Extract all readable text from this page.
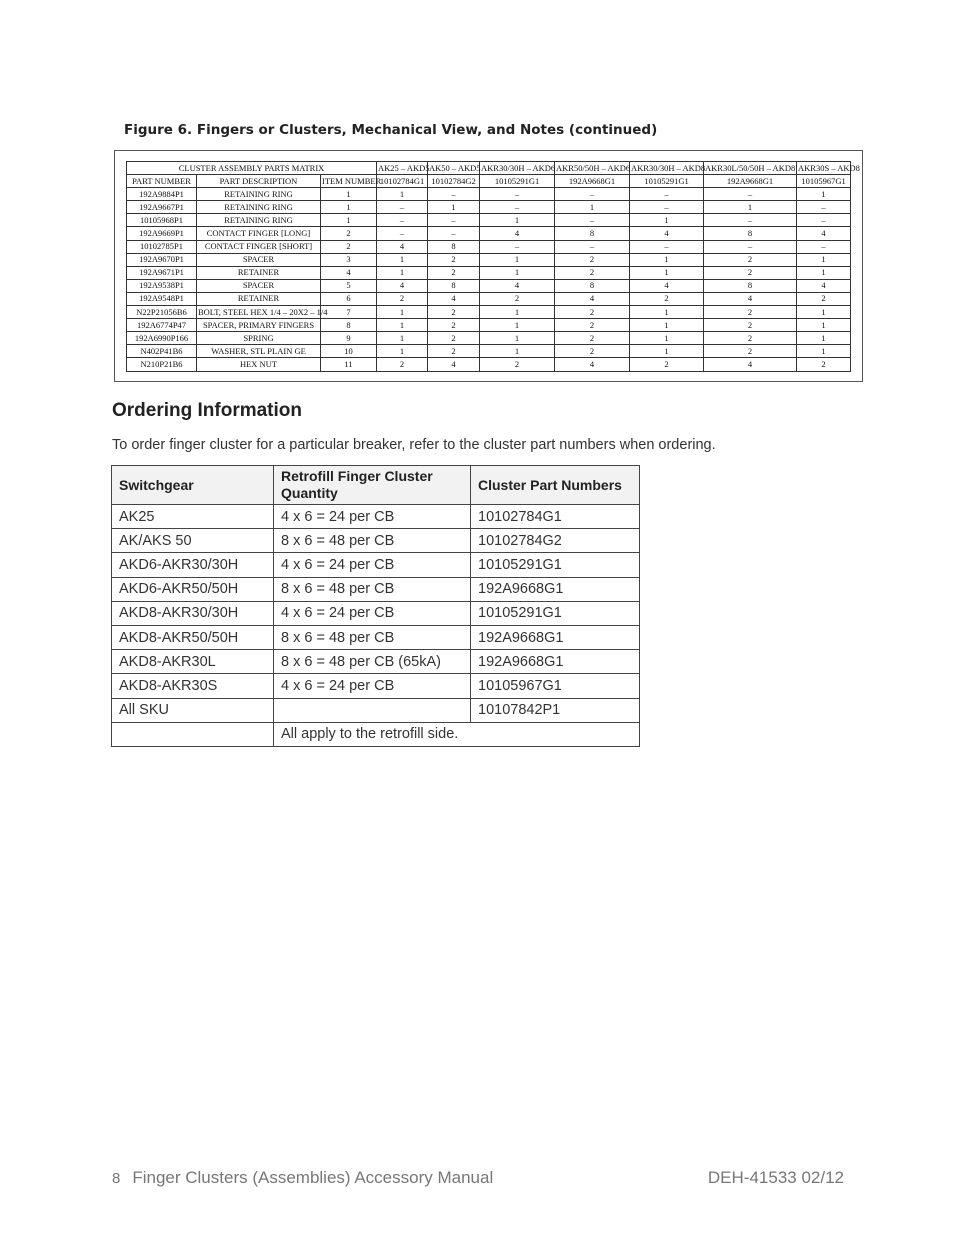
Figure 6. Fingers or Clusters, Mechanical View, and Notes (continued)
CLUSTER ASSEMBLY PARTS MATRIX			AK25 – AKD5	AK50 – AKD5	AKR30/30H – AKD6	AKR50/50H – AKD6	AKR30/30H – AKD8	AKR30L/50/50H – AKD8	AKR30S – AKD8
PART NUMBER	PART DESCRIPTION	ITEM NUMBER	10102784G1	10102784G2	10105291G1	192A9668G1	10105291G1	192A9668G1	10105967G1
192A9884P1	RETAINING RING	1	1	–	–	–	–	–	1
192A9667P1	RETAINING RING	1	–	1	–	1	–	1	–
10105968P1	RETAINING RING	1	–	–	1	–	1	–	–
192A9669P1	CONTACT FINGER [LONG]	2	–	–	4	8	4	8	4
10102785P1	CONTACT FINGER [SHORT]	2	4	8	–	–	–	–	–
192A9670P1	SPACER	3	1	2	1	2	1	2	1
192A9671P1	RETAINER	4	1	2	1	2	1	2	1
192A9538P1	SPACER	5	4	8	4	8	4	8	4
192A9548P1	RETAINER	6	2	4	2	4	2	4	2
N22P21056B6	BOLT, STEEL HEX 1/4 – 20X2 – 1/4	7	1	2	1	2	1	2	1
192A6774P47	SPACER, PRIMARY FINGERS	8	1	2	1	2	1	2	1
192A6990P166	SPRING	9	1	2	1	2	1	2	1
N402P41B6	WASHER, STL PLAIN GE	10	1	2	1	2	1	2	1
N210P21B6	HEX NUT	11	2	4	2	4	2	4	2
Ordering Information
To order finger cluster for a particular breaker, refer to the cluster part numbers when ordering.
Switchgear	Retrofill Finger Cluster Quantity	Cluster Part Numbers
AK25	4 x 6 = 24 per CB	10102784G1
AK/AKS 50	8 x 6 = 48 per CB	10102784G2
AKD6-AKR30/30H	4 x 6 = 24 per CB	10105291G1
AKD6-AKR50/50H	8 x 6 = 48 per CB	192A9668G1
AKD8-AKR30/30H	4 x 6 = 24 per CB	10105291G1
AKD8-AKR50/50H	8 x 6 = 48 per CB	192A9668G1
AKD8-AKR30L	8 x 6 = 48 per CB (65kA)	192A9668G1
AKD8-AKR30S	4 x 6 = 24 per CB	10105967G1
All SKU		10107842P1
	All apply to the retrofill side.	
8 Finger Clusters (Assemblies) Accessory Manual	DEH-41533 02/12
